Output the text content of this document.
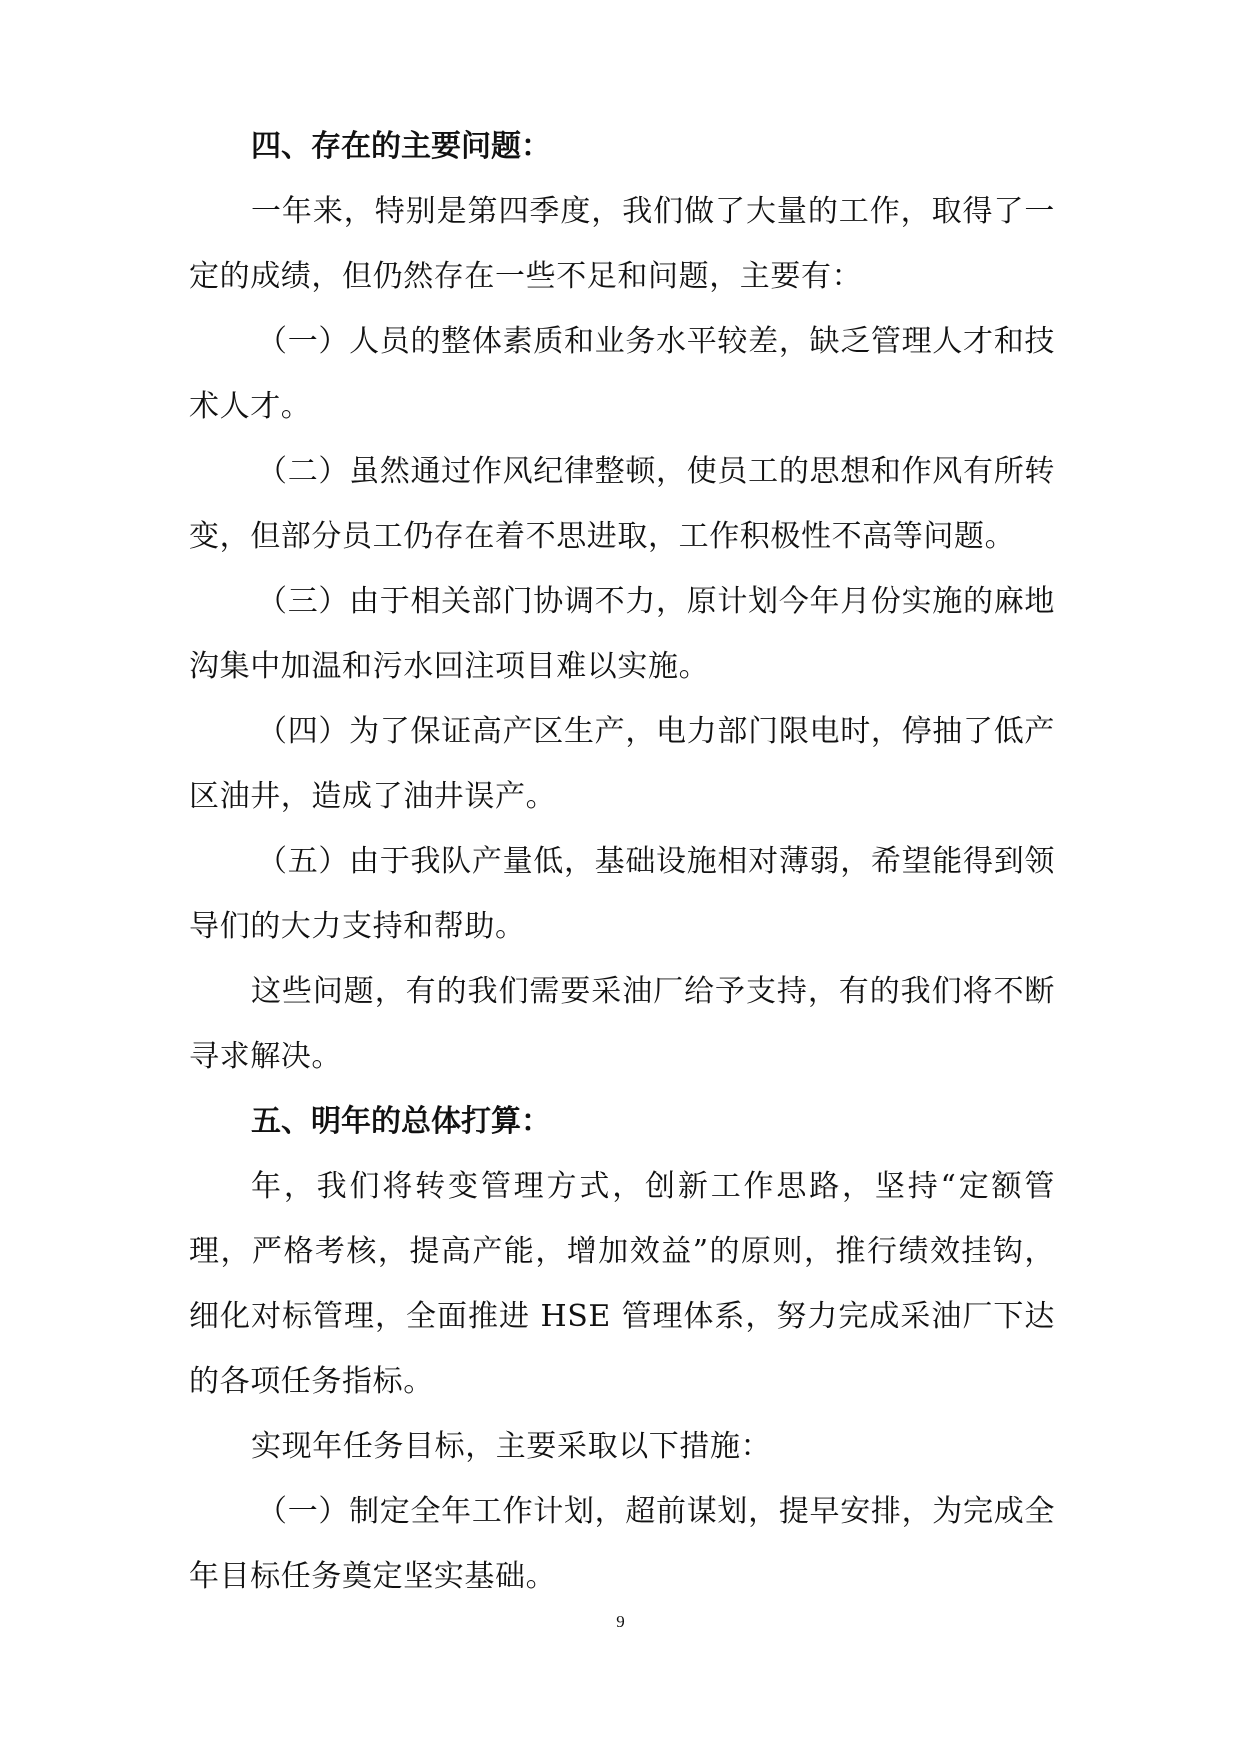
四、存在的主要问题：

一年来，特别是第四季度，我们做了大量的工作，取得了一定的成绩，但仍然存在一些不足和问题，主要有：

（一）人员的整体素质和业务水平较差，缺乏管理人才和技术人才。

（二）虽然通过作风纪律整顿，使员工的思想和作风有所转变，但部分员工仍存在着不思进取，工作积极性不高等问题。

（三）由于相关部门协调不力，原计划今年月份实施的麻地沟集中加温和污水回注项目难以实施。

（四）为了保证高产区生产，电力部门限电时，停抽了低产区油井，造成了油井误产。

（五）由于我队产量低，基础设施相对薄弱，希望能得到领导们的大力支持和帮助。

这些问题，有的我们需要采油厂给予支持，有的我们将不断寻求解决。

五、明年的总体打算：

年，我们将转变管理方式，创新工作思路，坚持“定额管理，严格考核，提高产能，增加效益”的原则，推行绩效挂钩，细化对标管理，全面推进 HSE 管理体系，努力完成采油厂下达的各项任务指标。

实现年任务目标，主要采取以下措施：

（一）制定全年工作计划，超前谋划，提早安排，为完成全年目标任务奠定坚实基础。

9
